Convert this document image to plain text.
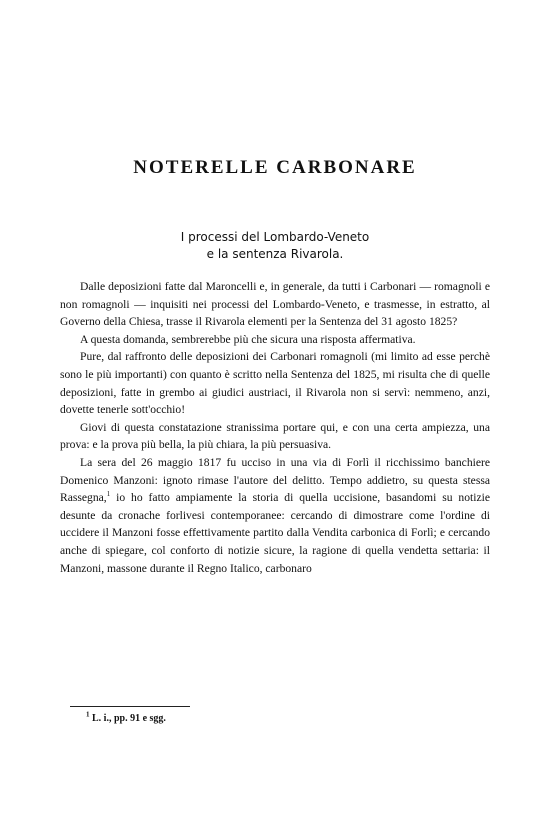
NOTERELLE CARBONARE
I processi del Lombardo-Veneto
e la sentenza Rivarola.

Dalle deposizioni fatte dal Maroncelli e, in generale, da tutti i Carbonari — romagnoli e non romagnoli — inquisiti nei processi del Lombardo-Veneto, e trasmesse, in estratto, al Governo della Chiesa, trasse il Rivarola elementi per la Sentenza del 31 agosto 1825?

A questa domanda, sembrerebbe più che sicura una risposta affermativa.

Pure, dal raffronto delle deposizioni dei Carbonari romagnoli (mi limito ad esse perchè sono le più importanti) con quanto è scritto nella Sentenza del 1825, mi risulta che di quelle deposizioni, fatte in grembo ai giudici austriaci, il Rivarola non si servì: nemmeno, anzi, dovette tenerle sott'occhio!

Giovi di questa constatazione stranissima portare qui, e con una certa ampiezza, una prova: e la prova più bella, la più chiara, la più persuasiva.

La sera del 26 maggio 1817 fu ucciso in una via di Forlì il ricchissimo banchiere Domenico Manzoni: ignoto rimase l'autore del delitto. Tempo addietro, su questa stessa Rassegna,$^1$ io ho fatto ampiamente la storia di quella uccisione, basandomi su notizie desunte da cronache forlivesi contemporanee: cercando di dimostrare come l'ordine di uccidere il Manzoni fosse effettivamente partito dalla Vendita carbonica di Forlì; e cercando anche di spiegare, col conforto di notizie sicure, la ragione di quella vendetta settaria: il Manzoni, massone durante il Regno Italico, carbonaro

$^1$ L. i., pp. 91 e sgg.
